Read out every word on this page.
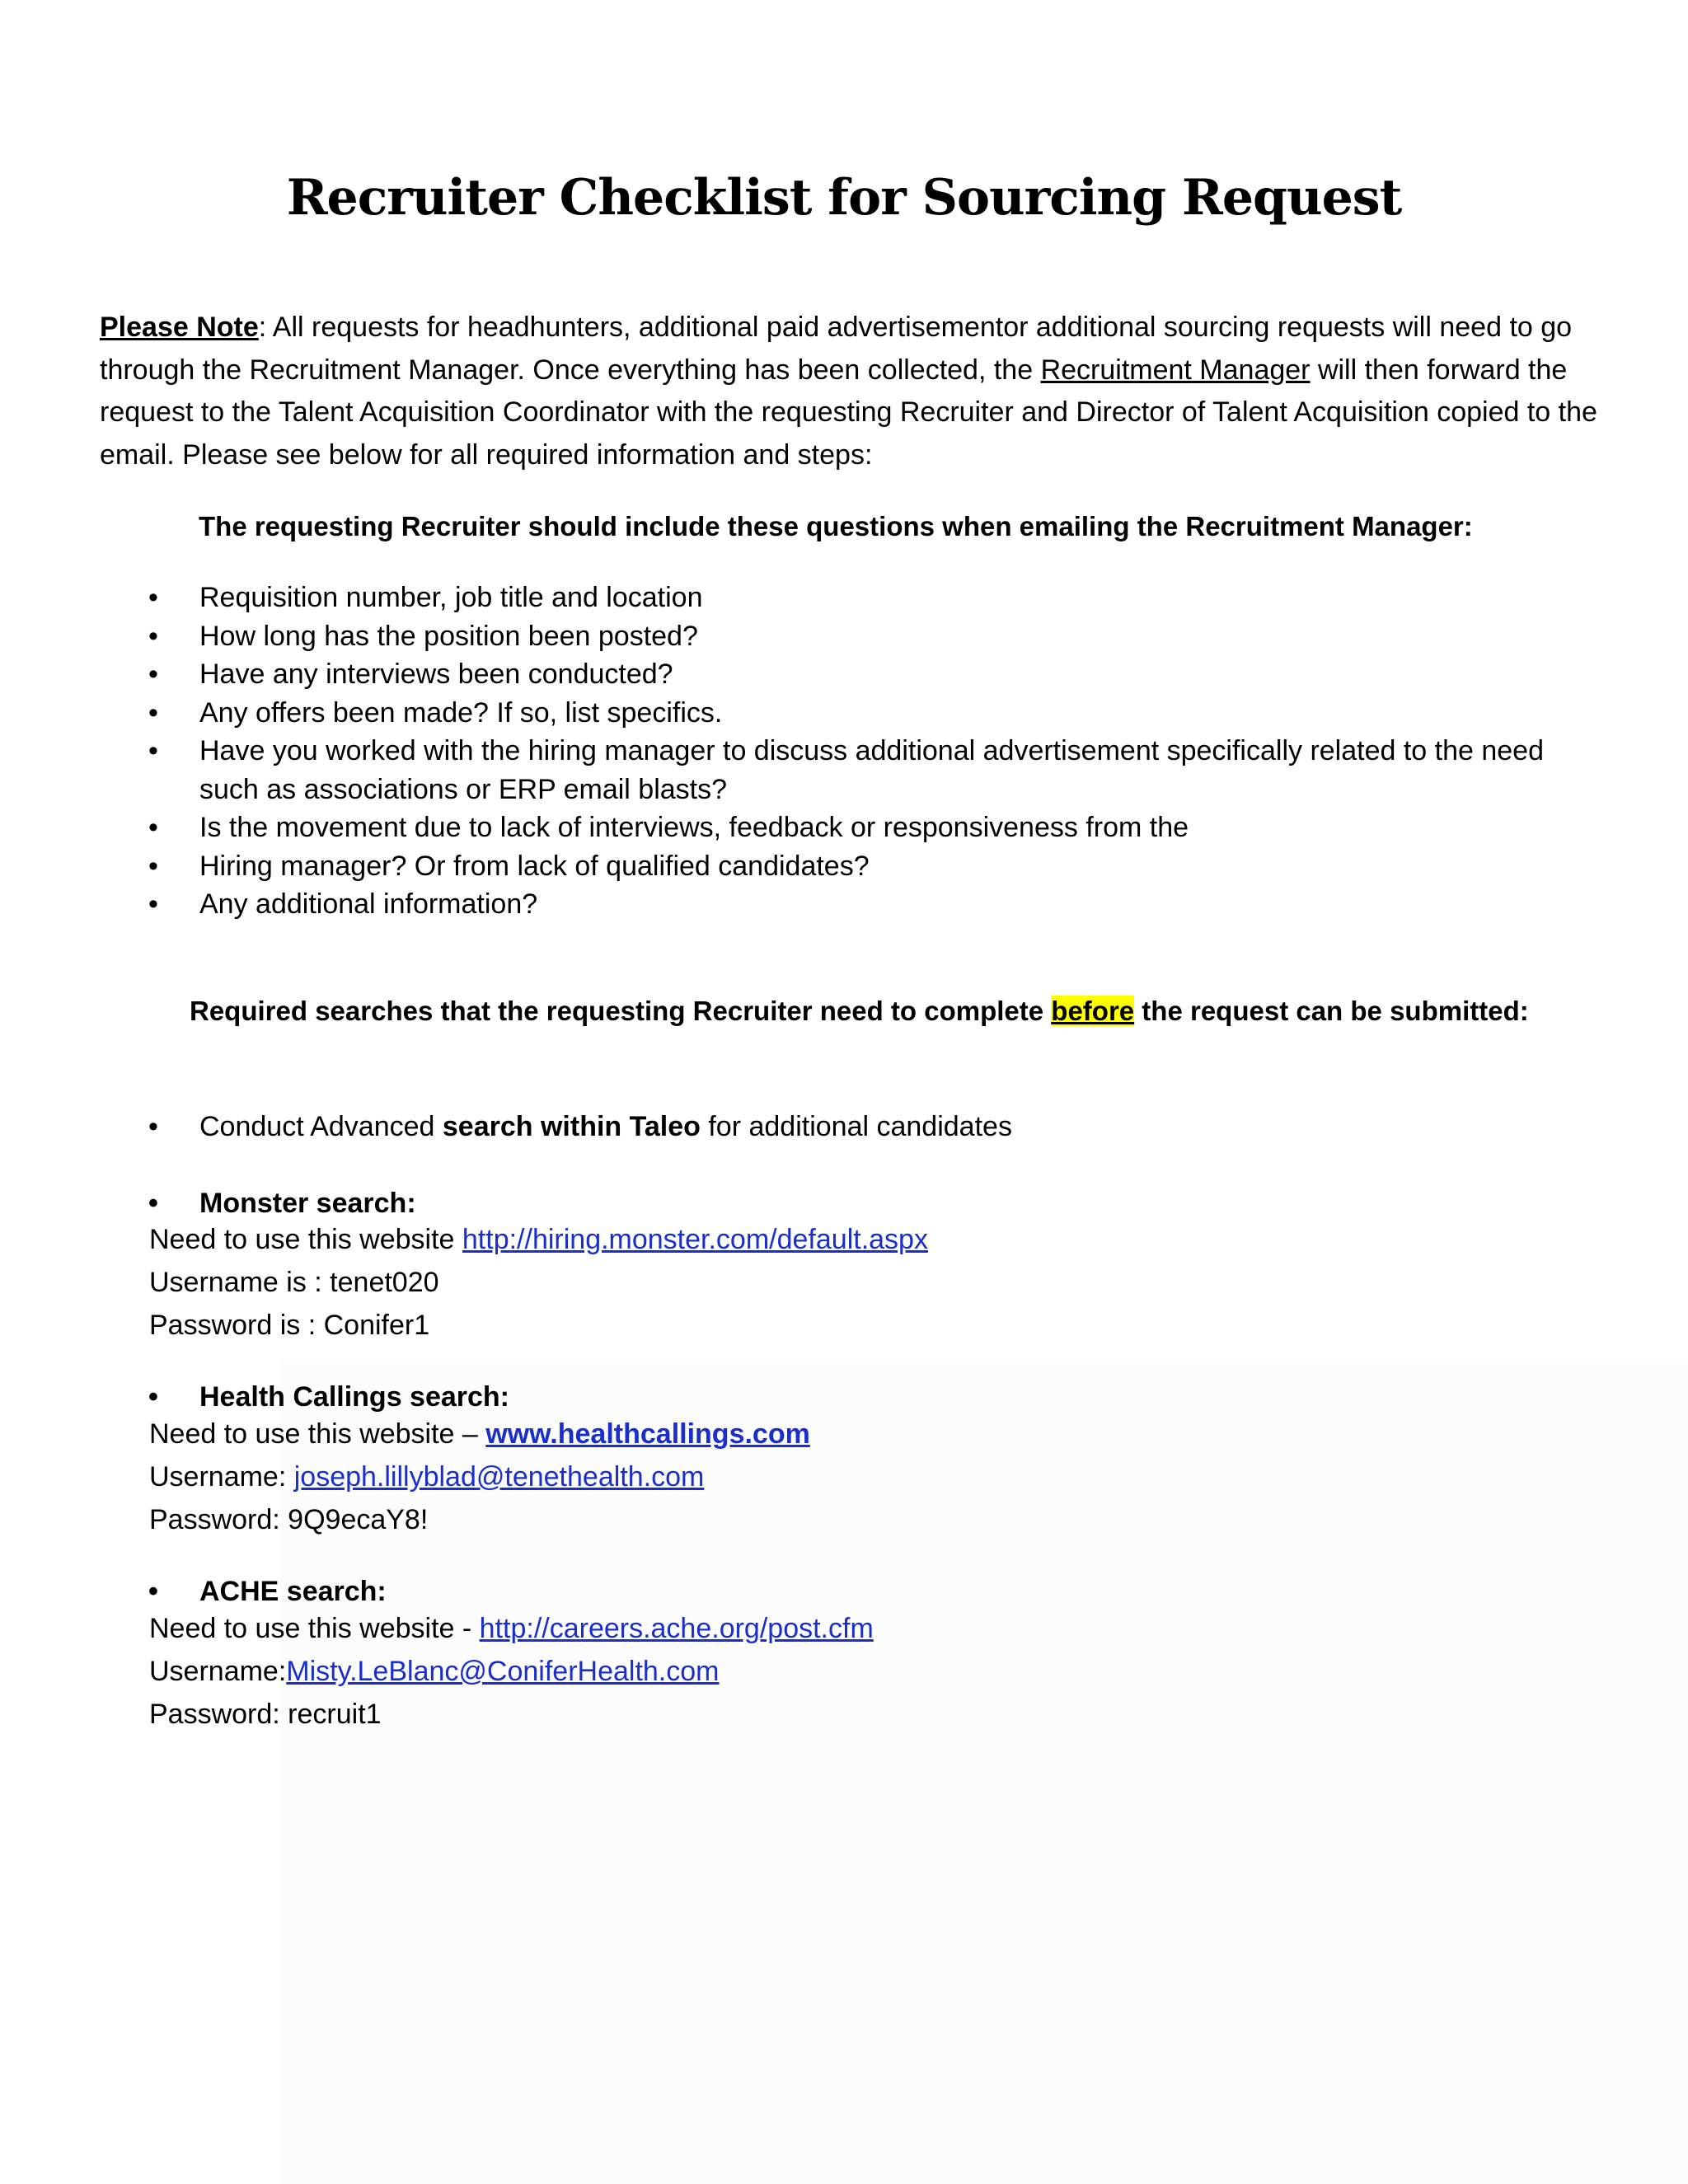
Recruiter Checklist for Sourcing Request
Please Note: All requests for headhunters, additional paid advertisementor additional sourcing requests will need to go through the Recruitment Manager. Once everything has been collected, the Recruitment Manager will then forward the request to the Talent Acquisition Coordinator with the requesting Recruiter and Director of Talent Acquisition copied to the email. Please see below for all required information and steps:
The requesting Recruiter should include these questions when emailing the Recruitment Manager:
• Requisition number, job title and location
• How long has the position been posted?
• Have any interviews been conducted?
• Any offers been made? If so, list specifics.
• Have you worked with the hiring manager to discuss additional advertisement specifically related to the need such as associations or ERP email blasts?
• Is the movement due to lack of interviews, feedback or responsiveness from the
• Hiring manager? Or from lack of qualified candidates?
• Any additional information?
Required searches that the requesting Recruiter need to complete before the request can be submitted:
• Conduct Advanced search within Taleo for additional candidates
• Monster search:
Need to use this website http://hiring.monster.com/default.aspx
Username is : tenet020
Password is : Conifer1
• Health Callings search:
Need to use this website – www.healthcallings.com
Username: joseph.lillyblad@tenethealth.com
Password: 9Q9ecaY8!
• ACHE search:
Need to use this website - http://careers.ache.org/post.cfm
Username:Misty.LeBlanc@ConiferHealth.com
Password: recruit1
